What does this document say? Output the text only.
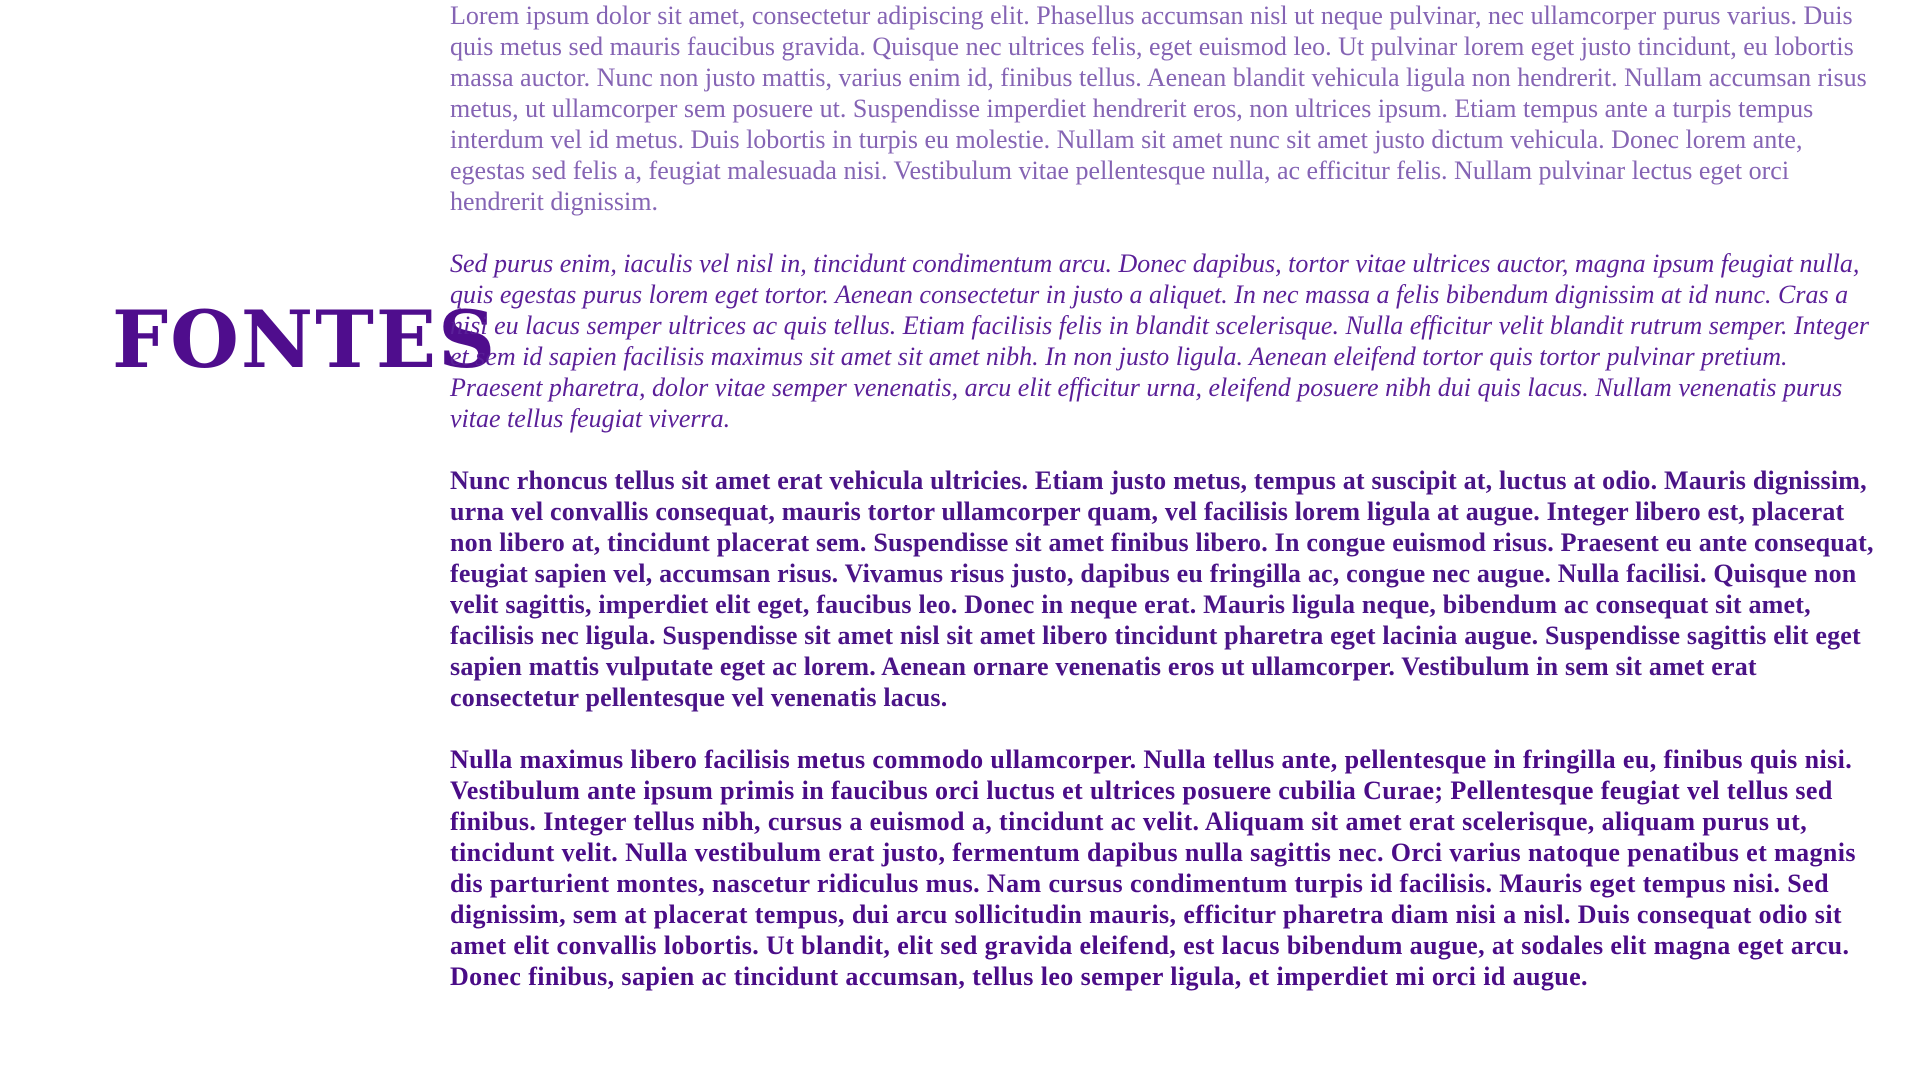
FONTES

Lorem ipsum dolor sit amet, consectetur adipiscing elit. Phasellus accumsan nisl ut neque pulvinar, nec ullamcorper purus varius. Duis quis metus sed mauris faucibus gravida. Quisque nec ultrices felis, eget euismod leo. Ut pulvinar lorem eget justo tincidunt, eu lobortis massa auctor. Nunc non justo mattis, varius enim id, finibus tellus. Aenean blandit vehicula ligula non hendrerit. Nullam accumsan risus metus, ut ullamcorper sem posuere ut. Suspendisse imperdiet hendrerit eros, non ultrices ipsum. Etiam tempus ante a turpis tempus interdum vel id metus. Duis lobortis in turpis eu molestie. Nullam sit amet nunc sit amet justo dictum vehicula. Donec lorem ante, egestas sed felis a, feugiat malesuada nisi. Vestibulum vitae pellentesque nulla, ac efficitur felis. Nullam pulvinar lectus eget orci hendrerit dignissim.

Sed purus enim, iaculis vel nisl in, tincidunt condimentum arcu. Donec dapibus, tortor vitae ultrices auctor, magna ipsum feugiat nulla, quis egestas purus lorem eget tortor. Aenean consectetur in justo a aliquet. In nec massa a felis bibendum dignissim at id nunc. Cras a nisi eu lacus semper ultrices ac quis tellus. Etiam facilisis felis in blandit scelerisque. Nulla efficitur velit blandit rutrum semper. Integer et sem id sapien facilisis maximus sit amet sit amet nibh. In non justo ligula. Aenean eleifend tortor quis tortor pulvinar pretium. Praesent pharetra, dolor vitae semper venenatis, arcu elit efficitur urna, eleifend posuere nibh dui quis lacus. Nullam venenatis purus vitae tellus feugiat viverra.

Nunc rhoncus tellus sit amet erat vehicula ultricies. Etiam justo metus, tempus at suscipit at, luctus at odio. Mauris dignissim, urna vel convallis consequat, mauris tortor ullamcorper quam, vel facilisis lorem ligula at augue. Integer libero est, placerat non libero at, tincidunt placerat sem. Suspendisse sit amet finibus libero. In congue euismod risus. Praesent eu ante consequat, feugiat sapien vel, accumsan risus. Vivamus risus justo, dapibus eu fringilla ac, congue nec augue. Nulla facilisi. Quisque non velit sagittis, imperdiet elit eget, faucibus leo. Donec in neque erat. Mauris ligula neque, bibendum ac consequat sit amet, facilisis nec ligula. Suspendisse sit amet nisl sit amet libero tincidunt pharetra eget lacinia augue. Suspendisse sagittis elit eget sapien mattis vulputate eget ac lorem. Aenean ornare venenatis eros ut ullamcorper. Vestibulum in sem sit amet erat consectetur pellentesque vel venenatis lacus.

Nulla maximus libero facilisis metus commodo ullamcorper. Nulla tellus ante, pellentesque in fringilla eu, finibus quis nisi. Vestibulum ante ipsum primis in faucibus orci luctus et ultrices posuere cubilia Curae; Pellentesque feugiat vel tellus sed finibus. Integer tellus nibh, cursus a euismod a, tincidunt ac velit. Aliquam sit amet erat scelerisque, aliquam purus ut, tincidunt velit. Nulla vestibulum erat justo, fermentum dapibus nulla sagittis nec. Orci varius natoque penatibus et magnis dis parturient montes, nascetur ridiculus mus. Nam cursus condimentum turpis id facilisis. Mauris eget tempus nisi. Sed dignissim, sem at placerat tempus, dui arcu sollicitudin mauris, efficitur pharetra diam nisi a nisl. Duis consequat odio sit amet elit convallis lobortis. Ut blandit, elit sed gravida eleifend, est lacus bibendum augue, at sodales elit magna eget arcu. Donec finibus, sapien ac tincidunt accumsan, tellus leo semper ligula, et imperdiet mi orci id augue.
